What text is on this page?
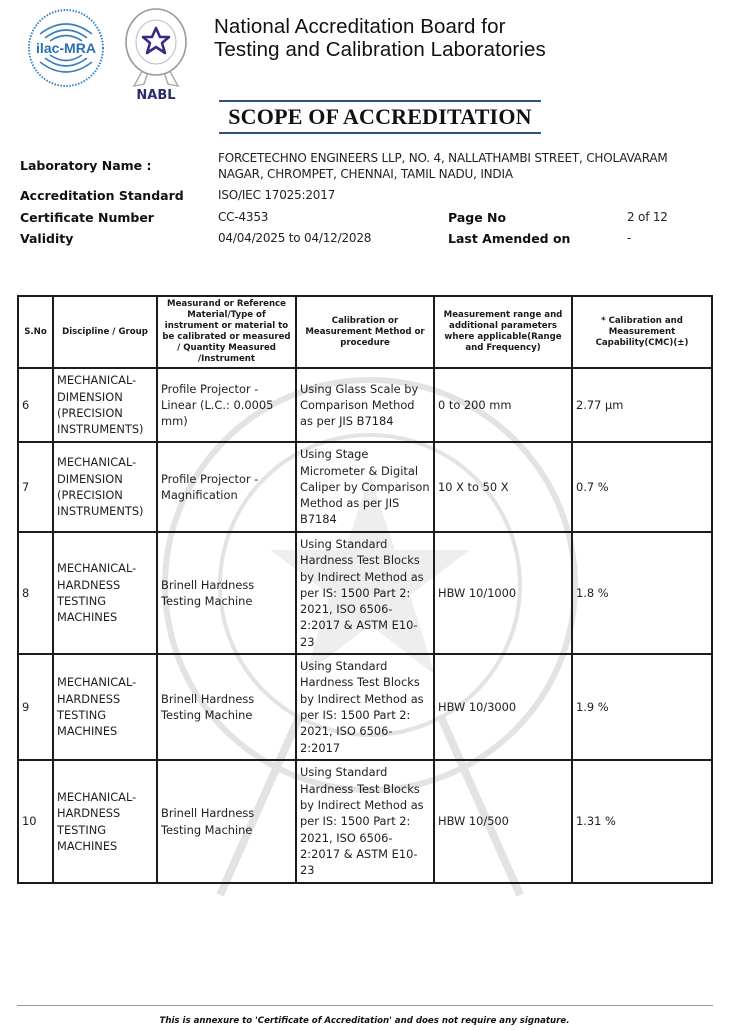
ilac-MRA
NABL
National Accreditation Board for
Testing and Calibration Laboratories
SCOPE OF ACCREDITATION
Laboratory Name :	FORCETECHNO ENGINEERS LLP, NO. 4, NALLATHAMBI STREET, CHOLAVARAM
NAGAR, CHROMPET, CHENNAI, TAMIL NADU, INDIA
Accreditation Standard	ISO/IEC 17025:2017
Certificate Number	CC-4353	Page No	2 of 12
Validity	04/04/2025 to 04/12/2028	Last Amended on	-
S.No	Discipline / Group	Measurand or Reference Material/Type of instrument or material to be calibrated or measured / Quantity Measured /Instrument	Calibration or Measurement Method or procedure	Measurement range and additional parameters where applicable(Range and Frequency)	* Calibration and Measurement Capability(CMC)(±)
6	MECHANICAL- DIMENSION (PRECISION INSTRUMENTS)	Profile Projector - Linear (L.C.: 0.0005 mm)	Using Glass Scale by Comparison Method as per JIS B7184	0 to 200 mm	2.77 µm
7	MECHANICAL- DIMENSION (PRECISION INSTRUMENTS)	Profile Projector - Magnification	Using Stage Micrometer & Digital Caliper by Comparison Method as per JIS B7184	10 X to 50 X	0.7 %
8	MECHANICAL- HARDNESS TESTING MACHINES	Brinell Hardness Testing Machine	Using Standard Hardness Test Blocks by Indirect Method as per IS: 1500 Part 2: 2021, ISO 6506-2:2017 & ASTM E10-23	HBW 10/1000	1.8 %
9	MECHANICAL- HARDNESS TESTING MACHINES	Brinell Hardness Testing Machine	Using Standard Hardness Test Blocks by Indirect Method as per IS: 1500 Part 2: 2021, ISO 6506-2:2017	HBW 10/3000	1.9 %
10	MECHANICAL- HARDNESS TESTING MACHINES	Brinell Hardness Testing Machine	Using Standard Hardness Test Blocks by Indirect Method as per IS: 1500 Part 2: 2021, ISO 6506-2:2017 & ASTM E10-23	HBW 10/500	1.31 %
This is annexure to 'Certificate of Accreditation' and does not require any signature.
